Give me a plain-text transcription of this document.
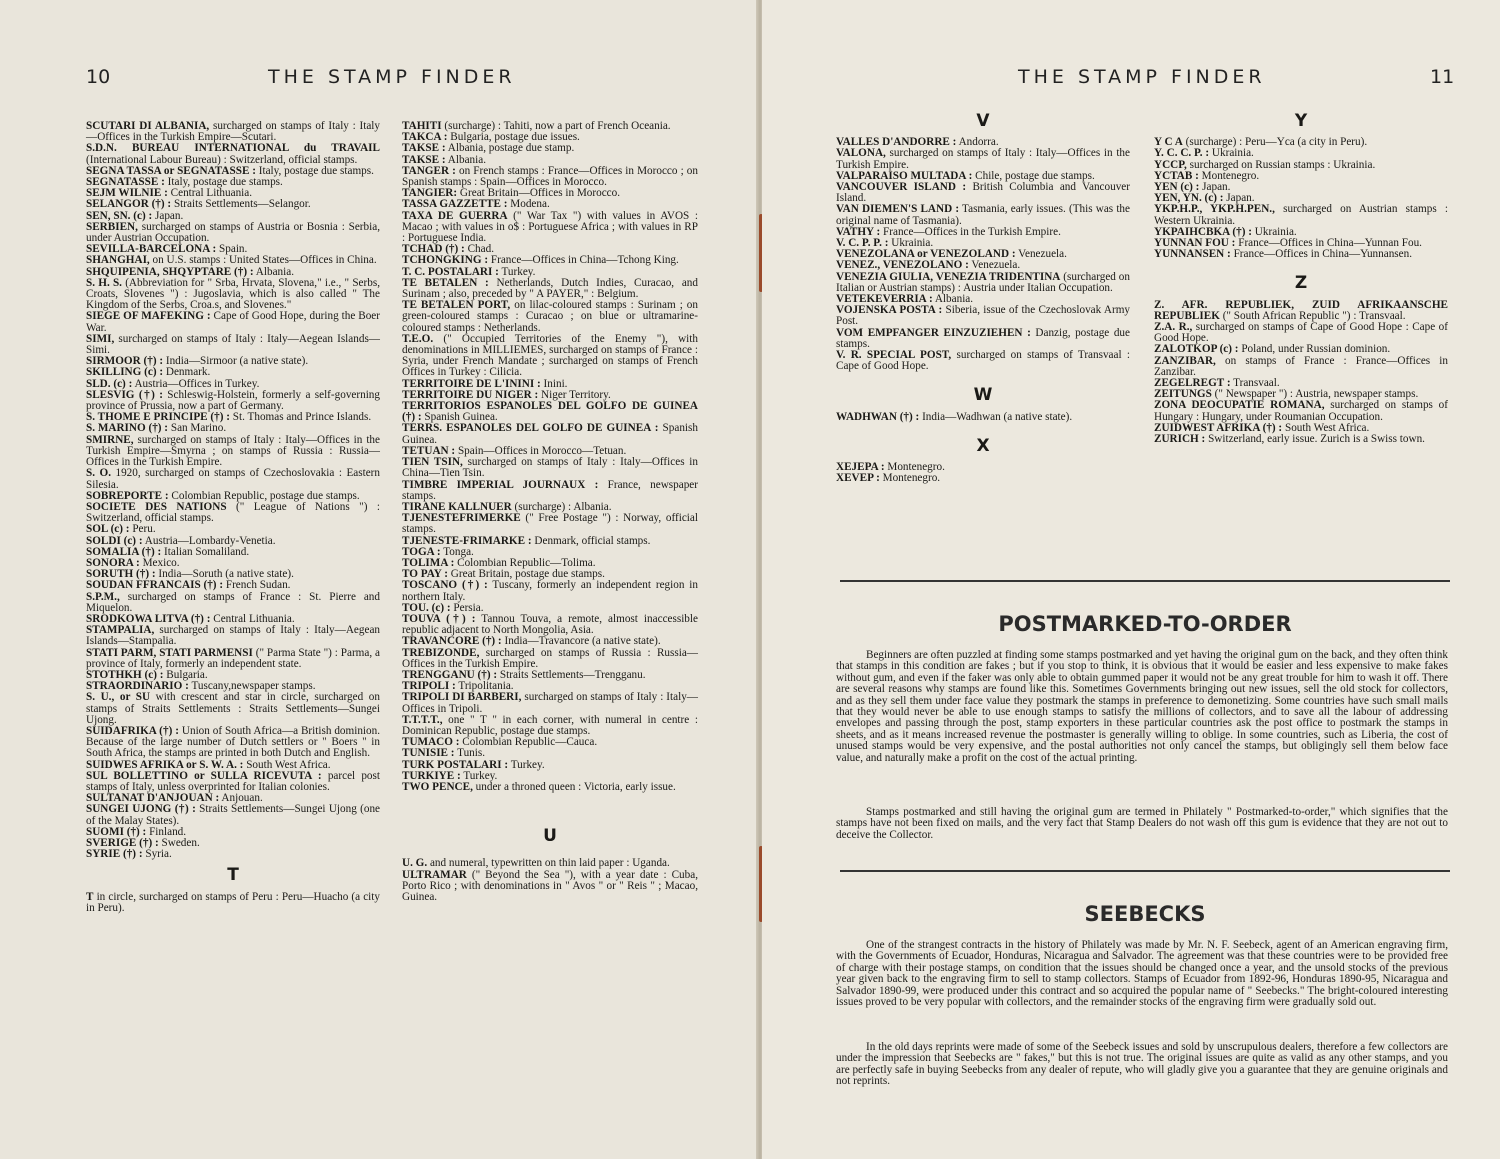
10	THE STAMP FINDER

SCUTARI DI ALBANIA, surcharged on stamps of Italy : Italy—Offices in the Turkish Empire—Scutari.

S.D.N. BUREAU INTERNATIONAL du TRAVAIL (International Labour Bureau) : Switzerland, official stamps.

SEGNA TASSA or SEGNATASSE : Italy, postage due stamps.

SEGNATASSE : Italy, postage due stamps.

SEJM WILNIE : Central Lithuania.

SELANGOR (†) : Straits Settlements—Selangor.

SEN, SN. (c) : Japan.

SERBIEN, surcharged on stamps of Austria or Bosnia : Serbia, under Austrian Occupation.

SEVILLA-BARCELONA : Spain.

SHANGHAI, on U.S. stamps : United States—Offices in China.

SHQUIPENIA, SHQYPTARE (†) : Albania.

S. H. S. (Abbreviation for " Srba, Hrvata, Slovena," i.e., " Serbs, Croats, Slovenes ") : Jugoslavia, which is also called " The Kingdom of the Serbs, Croa.s, and Slovenes."

SIEGE OF MAFEKING : Cape of Good Hope, during the Boer War.

SIMI, surcharged on stamps of Italy : Italy—Aegean Islands—Simi.

SIRMOOR (†) : India—Sirmoor (a native state).

SKILLING (c) : Denmark.

SLD. (c) : Austria—Offices in Turkey.

SLESVIG (†) : Schleswig-Holstein, formerly a self-governing province of Prussia, now a part of Germany.

S. THOME E PRINCIPE (†) : St. Thomas and Prince Islands.

S. MARINO (†) : San Marino.

SMIRNE, surcharged on stamps of Italy : Italy—Offices in the Turkish Empire—Smyrna ; on stamps of Russia : Russia—Offices in the Turkish Empire.

S. O. 1920, surcharged on stamps of Czechoslovakia : Eastern Silesia.

SOBREPORTE : Colombian Republic, postage due stamps.

SOCIETE DES NATIONS (" League of Nations ") : Switzerland, official stamps.

SOL (c) : Peru.

SOLDI (c) : Austria—Lombardy-Venetia.

SOMALIA (†) : Italian Somaliland.

SONORA : Mexico.

SORUTH (†) : India—Soruth (a native state).

SOUDAN FFRANCAIS (†) : French Sudan.

S.P.M., surcharged on stamps of France : St. Pierre and Miquelon.

SRODKOWA LITVA (†) : Central Lithuania.

STAMPALIA, surcharged on stamps of Italy : Italy—Aegean Islands—Stampalia.

STATI PARM, STATI PARMENSI (" Parma State ") : Parma, a province of Italy, formerly an independent state.

STOTHKH (c) : Bulgaria.

STRAORDINARIO : Tuscany,newspaper stamps.

S. U., or SU with crescent and star in circle, surcharged on stamps of Straits Settlements : Straits Settlements—Sungei Ujong.

SUIDAFRIKA (†) : Union of South Africa—a British dominion. Because of the large number of Dutch settlers or " Boers " in South Africa, the stamps are printed in both Dutch and English.

SUIDWES AFRIKA or S. W. A. : South West Africa.

SUL BOLLETTINO or SULLA RICEVUTA : parcel post stamps of Italy, unless overprinted for Italian colonies.

SULTANAT D'ANJOUAN : Anjouan.

SUNGEI UJONG (†) : Straits Settlements—Sungei Ujong (one of the Malay States).

SUOMI (†) : Finland.

SVERIGE (†) : Sweden.

SYRIE (†) : Syria.

T

T in circle, surcharged on stamps of Peru : Peru—Huacho (a city in Peru).

TAHITI (surcharge) : Tahiti, now a part of French Oceania.

TAKCA : Bulgaria, postage due issues.

TAKSE : Albania, postage due stamp.

TAKSE : Albania.

TANGER : on French stamps : France—Offices in Morocco ; on Spanish stamps : Spain—Offices in Morocco.

TANGIER: Great Britain—Offices in Morocco.

TASSA GAZZETTE : Modena.

TAXA DE GUERRA (" War Tax ") with values in AVOS : Macao ; with values in o$ : Portuguese Africa ; with values in RP : Portuguese India.

TCHAD (†) : Chad.

TCHONGKING : France—Offices in China—Tchong King.

T. C. POSTALARI : Turkey.

TE BETALEN : Netherlands, Dutch Indies, Curacao, and Surinam ; also, preceded by " A PAYER," : Belgium.

TE BETALEN PORT, on lilac-coloured stamps : Surinam ; on green-coloured stamps : Curacao ; on blue or ultramarine-coloured stamps : Netherlands.

T.E.O. (" Occupied Territories of the Enemy "), with denominations in MILLIEMES, surcharged on stamps of France : Syria, under French Mandate ; surcharged on stamps of French Offices in Turkey : Cilicia.

TERRITOIRE DE L'ININI : Inini.

TERRITOIRE DU NIGER : Niger Territory.

TERRITORIOS ESPANOLES DEL GOLFO DE GUINEA (†) : Spanish Guinea.

TERRS. ESPANOLES DEL GOLFO DE GUINEA : Spanish Guinea.

TETUAN : Spain—Offices in Morocco—Tetuan.

TIEN TSIN, surcharged on stamps of Italy : Italy—Offices in China—Tien Tsin.

TIMBRE IMPERIAL JOURNAUX : France, newspaper stamps.

TIRANE KALLNUER (surcharge) : Albania.

TJENESTEFRIMERKE (" Free Postage ") : Norway, official stamps.

TJENESTE-FRIMARKE : Denmark, official stamps.

TOGA : Tonga.

TOLIMA : Colombian Republic—Tolima.

TO PAY : Great Britain, postage due stamps.

TOSCANO (†) : Tuscany, formerly an independent region in northern Italy.

TOU. (c) : Persia.

TOUVA (†) : Tannou Touva, a remote, almost inaccessible republic adjacent to North Mongolia, Asia.

TRAVANCORE (†) : India—Travancore (a native state).

TREBIZONDE, surcharged on stamps of Russia : Russia—Offices in the Turkish Empire.

TRENGGANU (†) : Straits Settlements—Trengganu.

TRIPOLI : Tripolitania.

TRIPOLI DI BARBERI, surcharged on stamps of Italy : Italy—Offices in Tripoli.

T.T.T.T., one " T " in each corner, with numeral in centre : Dominican Republic, postage due stamps.

TUMACO : Colombian Republic—Cauca.

TUNISIE : Tunis.

TURK POSTALARI : Turkey.

TURKIYE : Turkey.

TWO PENCE, under a throned queen : Victoria, early issue.

U

U. G. and numeral, typewritten on thin laid paper : Uganda.

ULTRAMAR (" Beyond the Sea "), with a year date : Cuba, Porto Rico ; with denominations in " Avos " or " Reis " ; Macao, Guinea.

THE STAMP FINDER	11
V

VALLES D'ANDORRE : Andorra.

VALONA, surcharged on stamps of Italy : Italy—Offices in the Turkish Empire.

VALPARAISO MULTADA : Chile, postage due stamps.

VANCOUVER ISLAND : British Columbia and Vancouver Island.

VAN DIEMEN'S LAND : Tasmania, early issues. (This was the original name of Tasmania).

VATHY : France—Offices in the Turkish Empire.

V. C. P. P. : Ukrainia.

VENEZOLANA or VENEZOLAND : Venezuela.

VENEZ., VENEZOLANO : Venezuela.

VENEZIA GIULIA, VENEZIA TRIDENTINA (surcharged on Italian or Austrian stamps) : Austria under Italian Occupation.

VETEKEVERRIA : Albania.

VOJENSKA POSTA : Siberia, issue of the Czechoslovak Army Post.

VOM EMPFANGER EINZUZIEHEN : Danzig, postage due stamps.

V. R. SPECIAL POST, surcharged on stamps of Transvaal : Cape of Good Hope.

W

WADHWAN (†) : India—Wadhwan (a native state).

X

XEJEPA : Montenegro.

XEVEP : Montenegro.

Y

Y C A (surcharge) : Peru—Yca (a city in Peru).

Y. C. C. P. : Ukrainia.

YCCP, surcharged on Russian stamps : Ukrainia.

YCTAB : Montenegro.

YEN (c) : Japan.

YEN, YN. (c) : Japan.

YKP.H.P., YKP.H.PEN., surcharged on Austrian stamps : Western Ukrainia.

YKPAIHCBKA (†) : Ukrainia.

YUNNAN FOU : France—Offices in China—Yunnan Fou.

YUNNANSEN : France—Offices in China—Yunnansen.

Z

Z. AFR. REPUBLIEK, ZUID AFRIKAANSCHE REPUBLIEK (" South African Republic ") : Transvaal.

Z.A. R., surcharged on stamps of Cape of Good Hope : Cape of Good Hope.

ZALOTKOP (c) : Poland, under Russian dominion.

ZANZIBAR, on stamps of France : France—Offices in Zanzibar.

ZEGELREGT : Transvaal.

ZEITUNGS (" Newspaper ") : Austria, newspaper stamps.

ZONA DEOCUPATIE ROMANA, surcharged on stamps of Hungary : Hungary, under Roumanian Occupation.

ZUIDWEST AFRIKA (†) : South West Africa.

ZURICH : Switzerland, early issue. Zurich is a Swiss town.

POSTMARKED-TO-ORDER

Beginners are often puzzled at finding some stamps postmarked and yet having the original gum on the back, and they often think that stamps in this condition are fakes ; but if you stop to think, it is obvious that it would be easier and less expensive to make fakes without gum, and even if the faker was only able to obtain gummed paper it would not be any great trouble for him to wash it off. There are several reasons why stamps are found like this. Sometimes Governments bringing out new issues, sell the old stock for collectors, and as they sell them under face value they postmark the stamps in preference to demonetizing. Some countries have such small mails that they would never be able to use enough stamps to satisfy the millions of collectors, and to save all the labour of addressing envelopes and passing through the post, stamp exporters in these particular countries ask the post office to postmark the stamps in sheets, and as it means increased revenue the postmaster is generally willing to oblige. In some countries, such as Liberia, the cost of unused stamps would be very expensive, and the postal authorities not only cancel the stamps, but obligingly sell them below face value, and naturally make a profit on the cost of the actual printing.

Stamps postmarked and still having the original gum are termed in Philately " Postmarked-to-order," which signifies that the stamps have not been fixed on mails, and the very fact that Stamp Dealers do not wash off this gum is evidence that they are not out to deceive the Collector.

SEEBECKS

One of the strangest contracts in the history of Philately was made by Mr. N. F. Seebeck, agent of an American engraving firm, with the Governments of Ecuador, Honduras, Nicaragua and Salvador. The agreement was that these countries were to be provided free of charge with their postage stamps, on condition that the issues should be changed once a year, and the unsold stocks of the previous year given back to the engraving firm to sell to stamp collectors. Stamps of Ecuador from 1892-96, Honduras 1890-95, Nicaragua and Salvador 1890-99, were produced under this contract and so acquired the popular name of " Seebecks." The bright-coloured interesting issues proved to be very popular with collectors, and the remainder stocks of the engraving firm were gradually sold out.

In the old days reprints were made of some of the Seebeck issues and sold by unscrupulous dealers, therefore a few collectors are under the impression that Seebecks are " fakes," but this is not true. The original issues are quite as valid as any other stamps, and you are perfectly safe in buying Seebecks from any dealer of repute, who will gladly give you a guarantee that they are genuine originals and not reprints.
